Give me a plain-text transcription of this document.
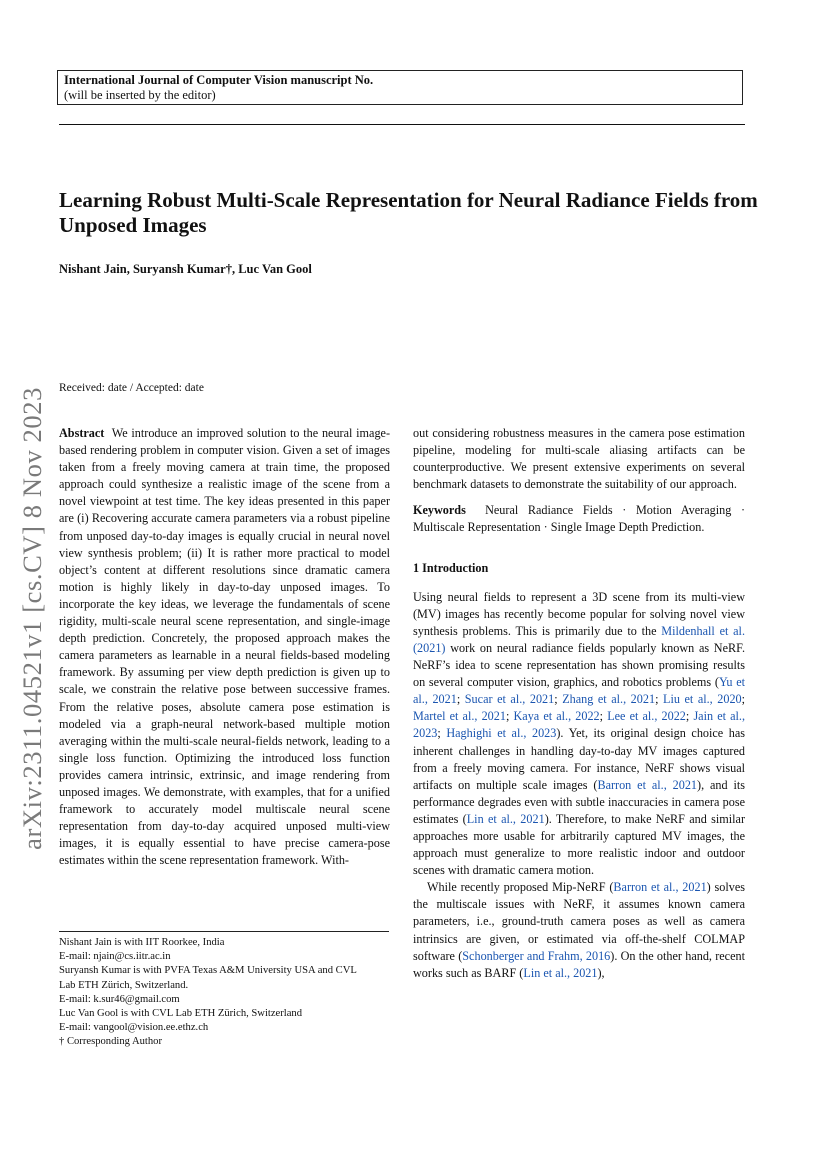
International Journal of Computer Vision manuscript No.
(will be inserted by the editor)
arXiv:2311.04521v1 [cs.CV] 8 Nov 2023
Learning Robust Multi-Scale Representation for Neural Radiance Fields from Unposed Images
Nishant Jain, Suryansh Kumar†, Luc Van Gool
Received: date / Accepted: date

Abstract We introduce an improved solution to the neural image-based rendering problem in computer vision. Given a set of images taken from a freely moving camera at train time, the proposed approach could synthesize a realistic image of the scene from a novel viewpoint at test time. The key ideas presented in this paper are (i) Recovering accurate camera parameters via a robust pipeline from unposed day-to-day images is equally crucial in neural novel view synthesis problem; (ii) It is rather more practical to model object’s content at different resolutions since dramatic camera motion is highly likely in day-to-day unposed images. To incorporate the key ideas, we leverage the fundamentals of scene rigidity, multi-scale neural scene representation, and single-image depth prediction. Concretely, the proposed approach makes the camera parameters as learnable in a neural fields-based modeling framework. By assuming per view depth prediction is given up to scale, we constrain the relative pose between successive frames. From the relative poses, absolute camera pose estimation is modeled via a graph-neural network-based multiple motion averaging within the multi-scale neural-fields network, leading to a single loss function. Optimizing the introduced loss function provides camera intrinsic, extrinsic, and image rendering from unposed images. We demonstrate, with examples, that for a unified framework to accurately model multiscale neural scene representation from day-to-day acquired unposed multi-view images, it is equally essential to have precise camera-pose estimates within the scene representation framework. With-

out considering robustness measures in the camera pose estimation pipeline, modeling for multi-scale aliasing artifacts can be counterproductive. We present extensive experiments on several benchmark datasets to demonstrate the suitability of our approach.

Keywords Neural Radiance Fields · Motion Averaging · Multiscale Representation · Single Image Depth Prediction.

1 Introduction

Using neural fields to represent a 3D scene from its multi-view (MV) images has recently become popular for solving novel view synthesis problems. This is primarily due to the Mildenhall et al. (2021) work on neural radiance fields popularly known as NeRF. NeRF’s idea to scene representation has shown promising results on several computer vision, graphics, and robotics problems (Yu et al., 2021; Sucar et al., 2021; Zhang et al., 2021; Liu et al., 2020; Martel et al., 2021; Kaya et al., 2022; Lee et al., 2022; Jain et al., 2023; Haghighi et al., 2023). Yet, its original design choice has inherent challenges in handling day-to-day MV images captured from a freely moving camera. For instance, NeRF shows visual artifacts on multiple scale images (Barron et al., 2021), and its performance degrades even with subtle inaccuracies in camera pose estimates (Lin et al., 2021). Therefore, to make NeRF and similar approaches more usable for arbitrarily captured MV images, the approach must generalize to more realistic indoor and outdoor scenes with dramatic camera motion.

While recently proposed Mip-NeRF (Barron et al., 2021) solves the multiscale issues with NeRF, it assumes known camera parameters, i.e., ground-truth camera poses as well as camera intrinsics are given, or estimated via off-the-shelf COLMAP software (Schonberger and Frahm, 2016). On the other hand, recent works such as BARF (Lin et al., 2021),

Nishant Jain is with IIT Roorkee, India
E-mail: njain@cs.iitr.ac.in
Suryansh Kumar is with PVFA Texas A&M University USA and CVL
Lab ETH Zürich, Switzerland.
E-mail: k.sur46@gmail.com
Luc Van Gool is with CVL Lab ETH Zürich, Switzerland
E-mail: vangool@vision.ee.ethz.ch
† Corresponding Author
